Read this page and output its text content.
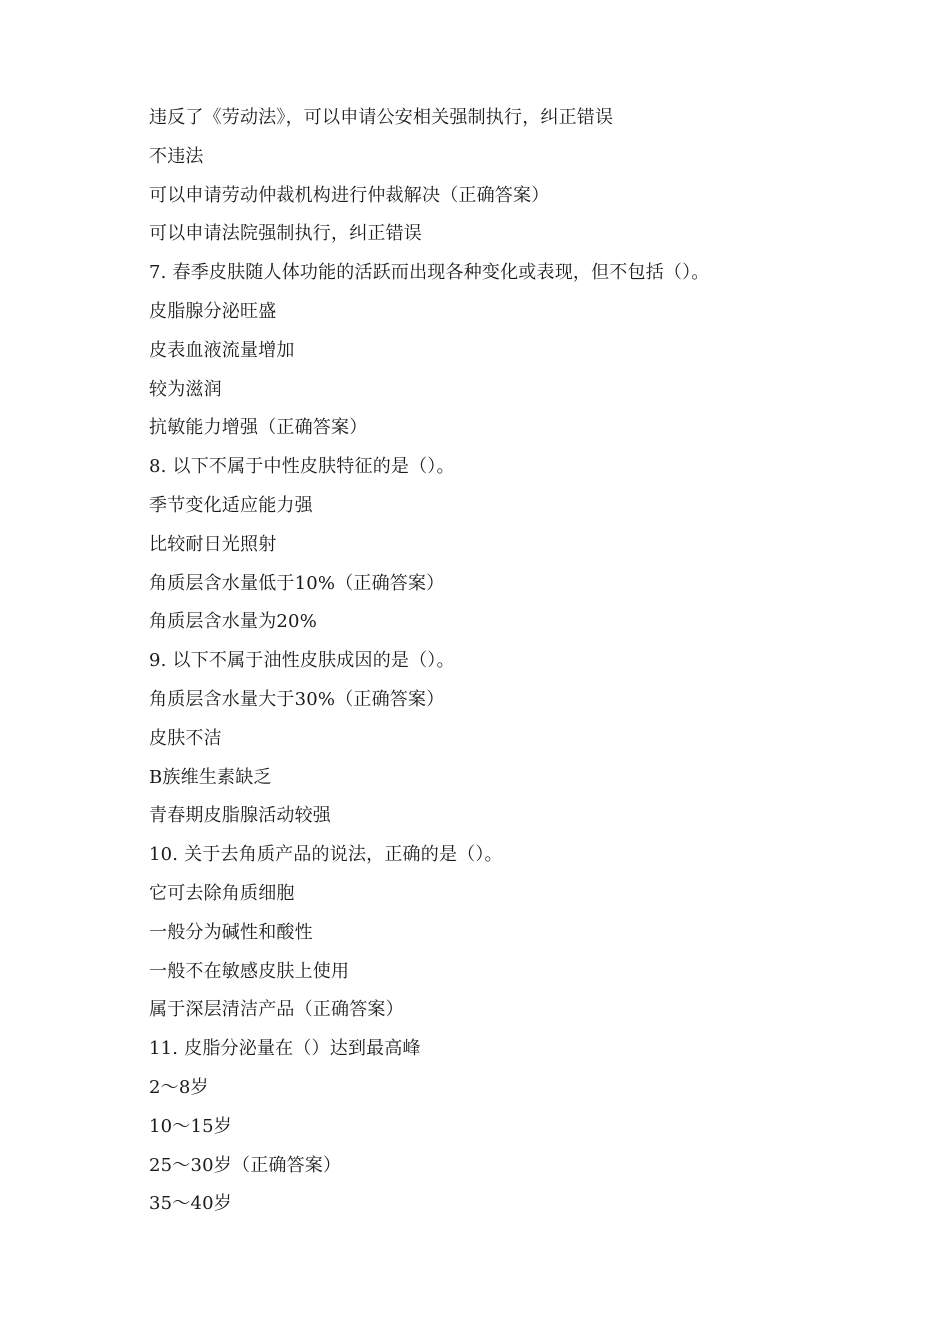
违反了《劳动法》，可以申请公安相关强制执行，纠正错误
不违法
可以申请劳动仲裁机构进行仲裁解决（正确答案）
可以申请法院强制执行，纠正错误
7. 春季皮肤随人体功能的活跃而出现各种变化或表现，但不包括（）。
皮脂腺分泌旺盛
皮表血液流量增加
较为滋润
抗敏能力增强（正确答案）
8. 以下不属于中性皮肤特征的是（）。
季节变化适应能力强
比较耐日光照射
角质层含水量低于10%（正确答案）
角质层含水量为20%
9. 以下不属于油性皮肤成因的是（）。
角质层含水量大于30%（正确答案）
皮肤不洁
B族维生素缺乏
青春期皮脂腺活动较强
10. 关于去角质产品的说法，正确的是（）。
它可去除角质细胞
一般分为碱性和酸性
一般不在敏感皮肤上使用
属于深层清洁产品（正确答案）
11. 皮脂分泌量在（）达到最高峰
2〜8岁
10〜15岁
25〜30岁（正确答案）
35〜40岁
